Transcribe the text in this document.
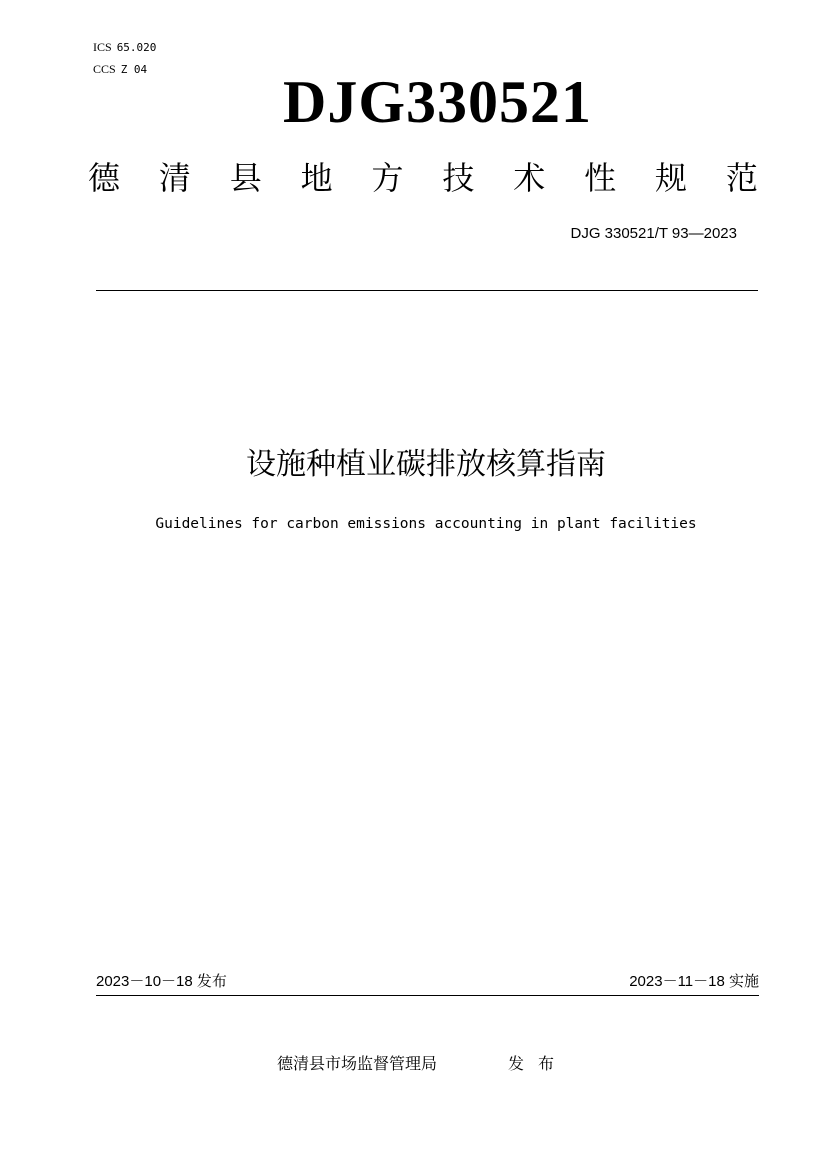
ICS 65.020
CCS Z 04 DJG330521
德 清 县 地 方 技 术 性 规 范
DJG 330521/T 93—2023
设施种植业碳排放核算指南
Guidelines for carbon emissions accounting in plant facilities
2023－10－18 发布	2023－11－18 实施
德清县市场监督管理局	发布
